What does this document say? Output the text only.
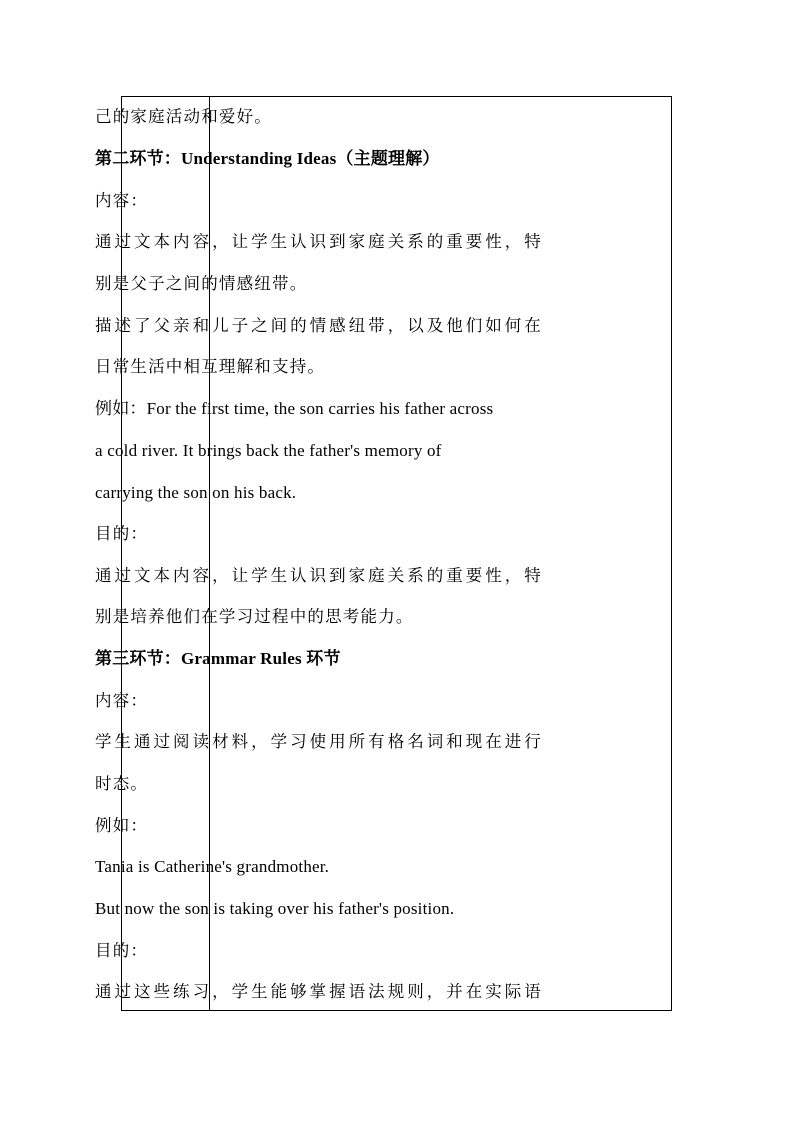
己的家庭活动和爱好。
第二环节：Understanding Ideas（主题理解）
内容：
通过文本内容，让学生认识到家庭关系的重要性，特
别是父子之间的情感纽带。
描述了父亲和儿子之间的情感纽带，以及他们如何在
日常生活中相互理解和支持。
例如：For the first time, the son carries his father across
a cold river. It brings back the father's memory of
carrying the son on his back.
目的：
通过文本内容，让学生认识到家庭关系的重要性，特
别是培养他们在学习过程中的思考能力。
第三环节：Grammar Rules 环节
内容：
学生通过阅读材料，学习使用所有格名词和现在进行
时态。
例如：
Tania is Catherine's grandmother.
But now the son is taking over his father's position.
目的：
通过这些练习，学生能够掌握语法规则，并在实际语
